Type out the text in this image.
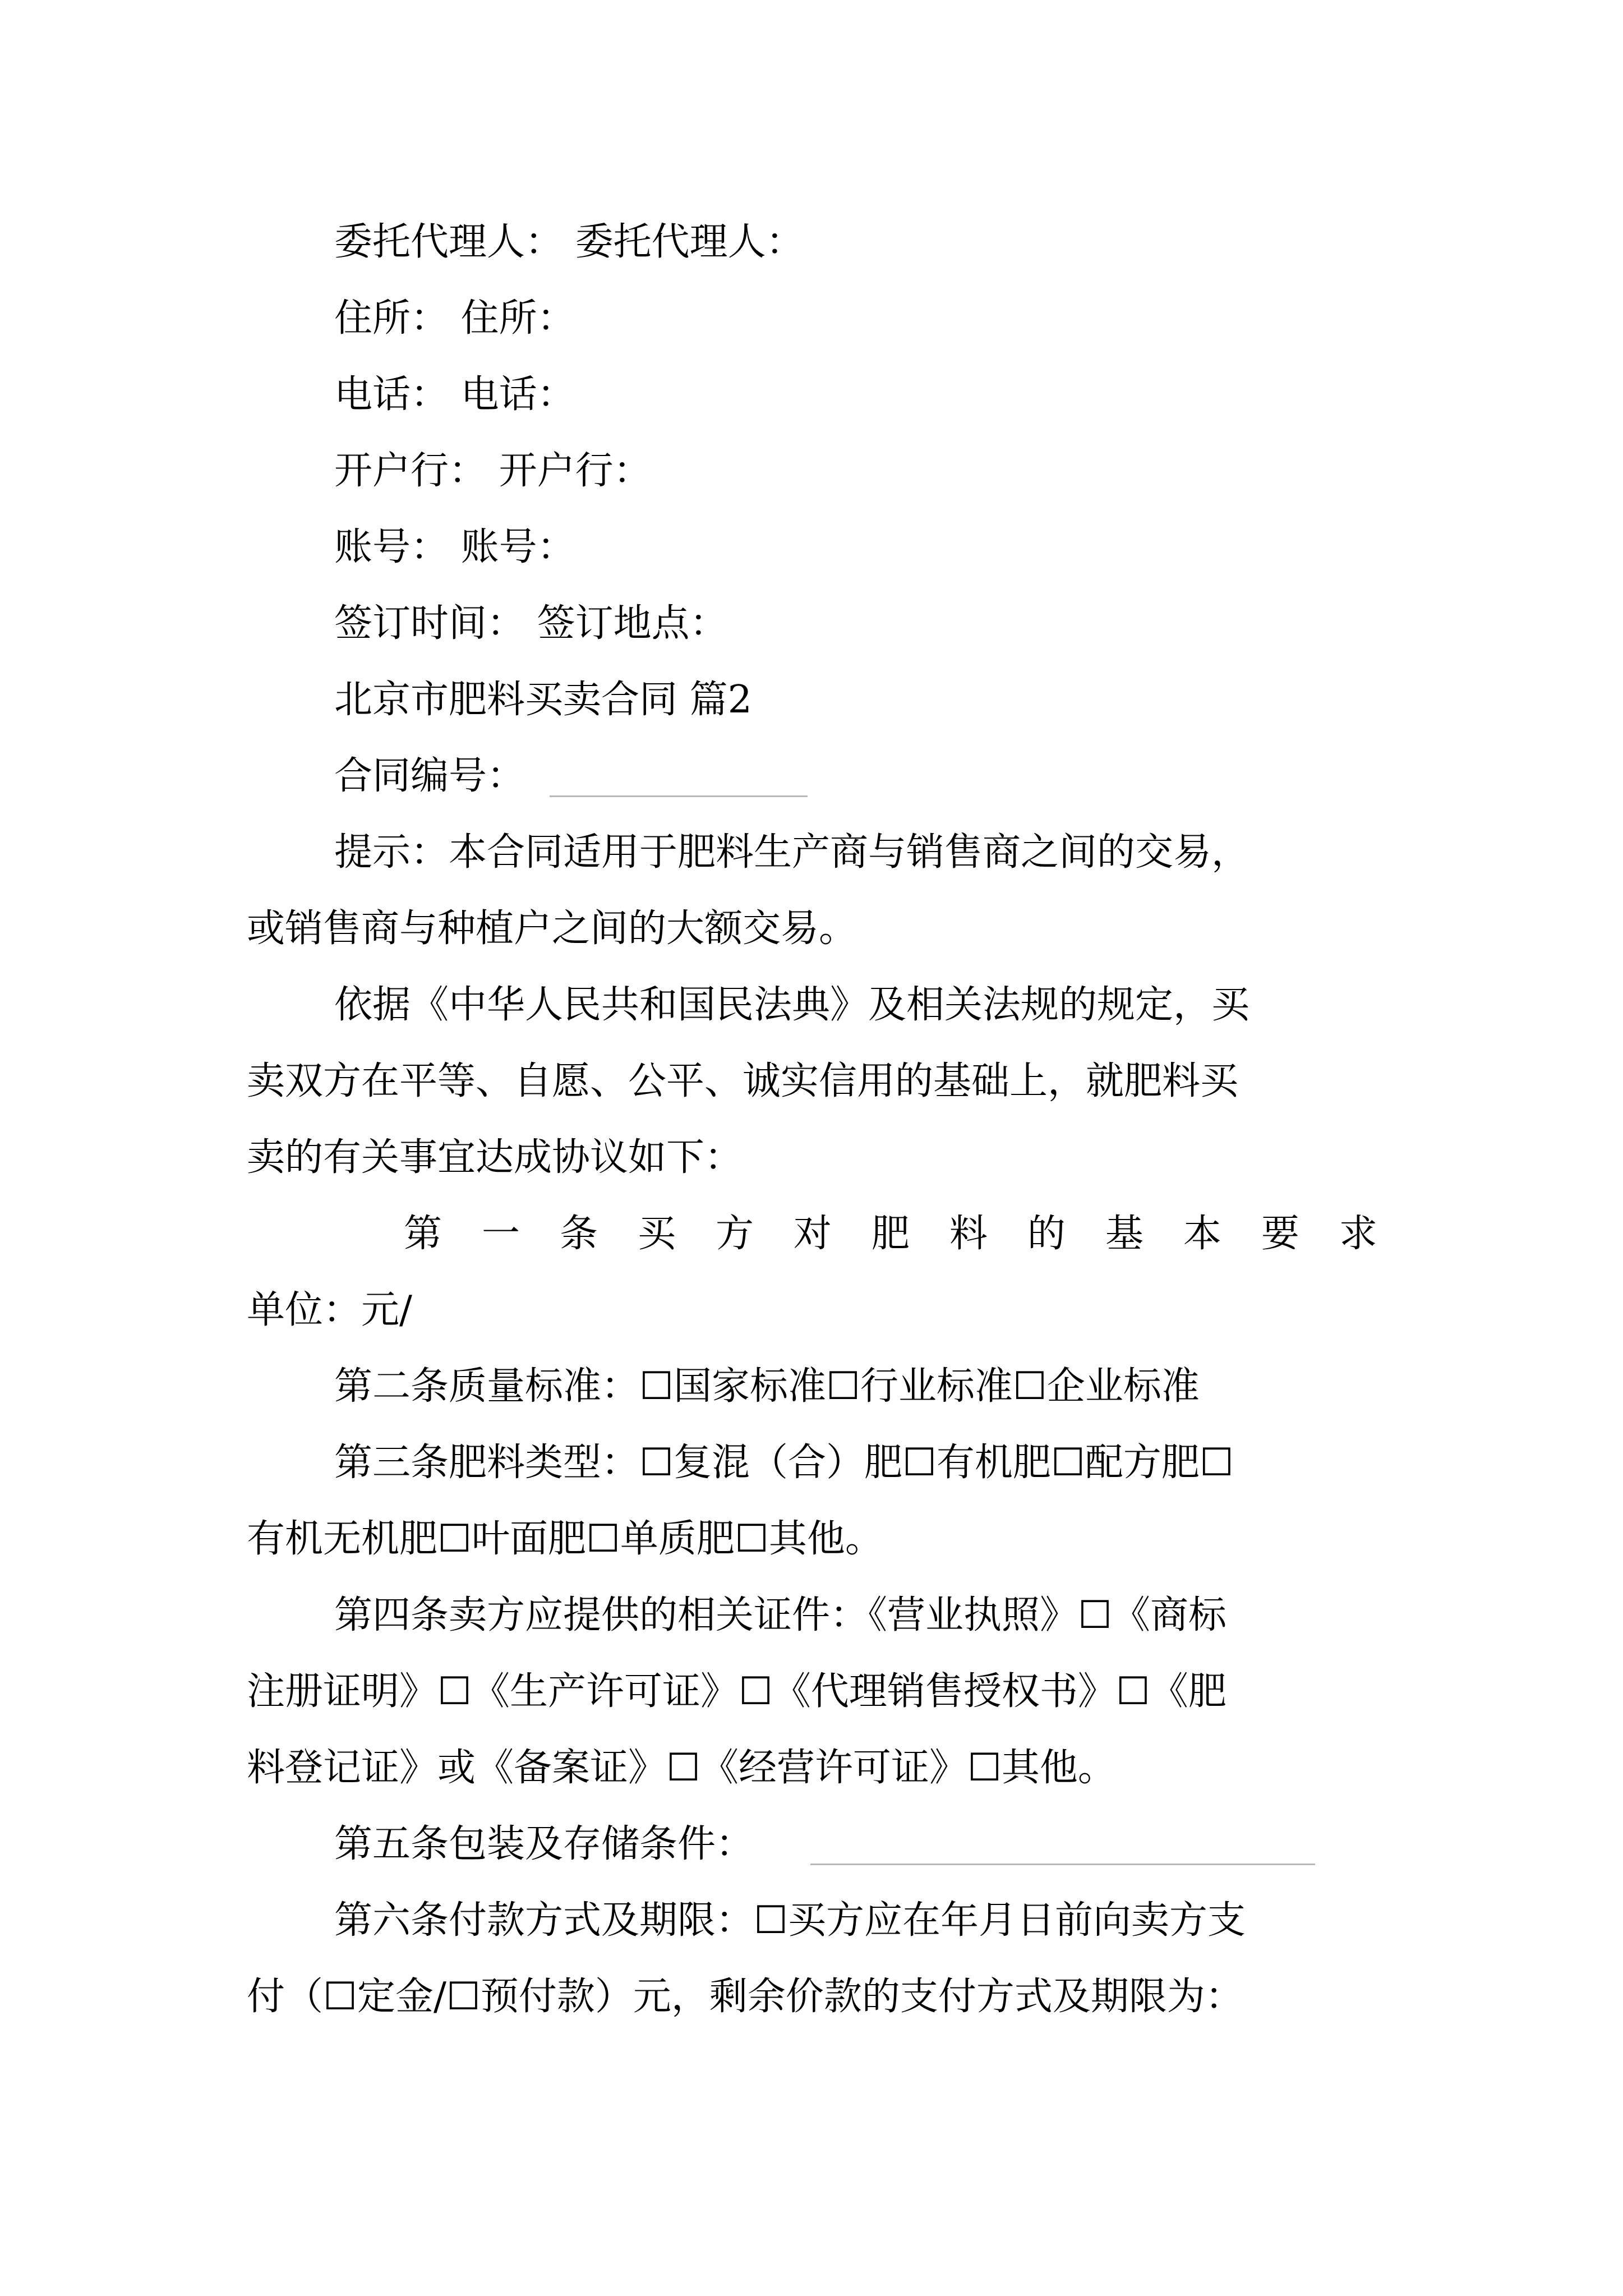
委托代理人： 委托代理人：
住所： 住所：
电话： 电话：
开户行： 开户行：
账号： 账号：
签订时间： 签订地点：
北京市肥料买卖合同 篇2
合同编号：
提示：本合同适用于肥料生产商与销售商之间的交易，
或销售商与种植户之间的大额交易。
依据《中华人民共和国民法典》及相关法规的规定，买
卖双方在平等、自愿、公平、诚实信用的基础上，就肥料买
卖的有关事宜达成协议如下：
第 一 条 买 方 对 肥 料 的 基 本 要 求
单位：元/
第二条质量标准：☐国家标准☐行业标准☐企业标准
第三条肥料类型：☐复混（合）肥☐有机肥☐配方肥☐
有机无机肥☐叶面肥☐单质肥☐其他。
第四条卖方应提供的相关证件：《营业执照》☐《商标
注册证明》☐《生产许可证》☐《代理销售授权书》☐《肥
料登记证》或《备案证》☐《经营许可证》☐其他。
第五条包装及存储条件：
第六条付款方式及期限：☐买方应在年月日前向卖方支
付（☐定金/☐预付款）元，剩余价款的支付方式及期限为：
